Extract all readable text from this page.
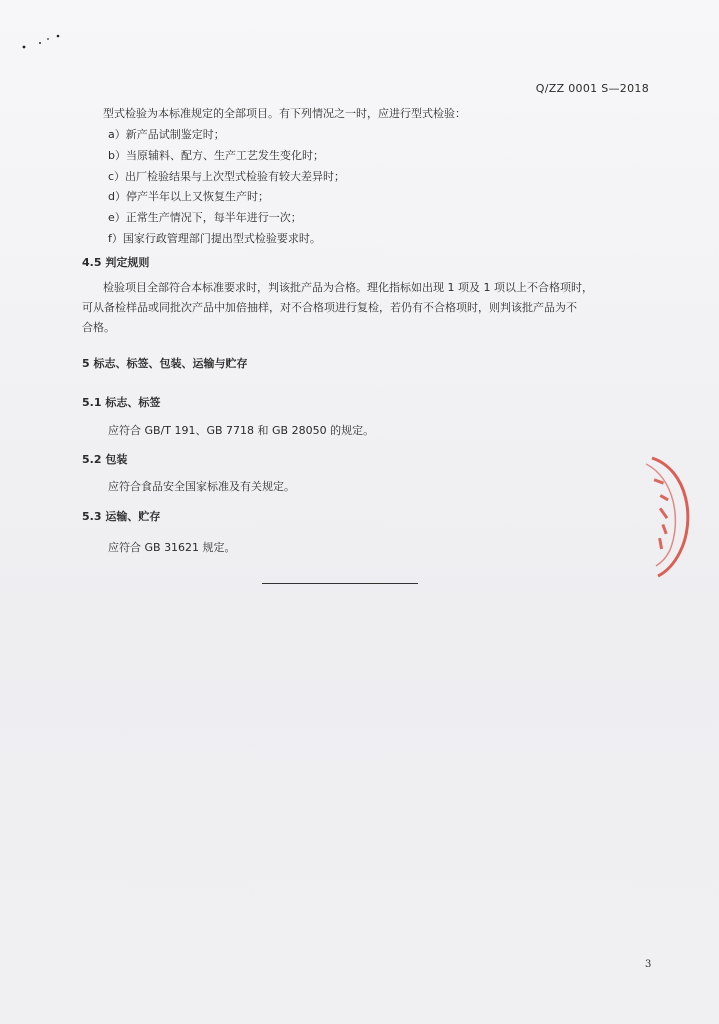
Q/ZZ 0001 S—2018
型式检验为本标准规定的全部项目。有下列情况之一时，应进行型式检验：
a）新产品试制鉴定时；
b）当原辅料、配方、生产工艺发生变化时；
c）出厂检验结果与上次型式检验有较大差异时；
d）停产半年以上又恢复生产时；
e）正常生产情况下，每半年进行一次；
f）国家行政管理部门提出型式检验要求时。
4.5 判定规则
检验项目全部符合本标准要求时，判该批产品为合格。理化指标如出现 1 项及 1 项以上不合格项时，
可从备检样品或同批次产品中加倍抽样，对不合格项进行复检，若仍有不合格项时，则判该批产品为不
合格。
5 标志、标签、包装、运输与贮存
5.1 标志、标签
应符合 GB/T 191、GB 7718 和 GB 28050 的规定。
5.2 包装
应符合食品安全国家标准及有关规定。
5.3 运输、贮存
应符合 GB 31621 规定。
3
